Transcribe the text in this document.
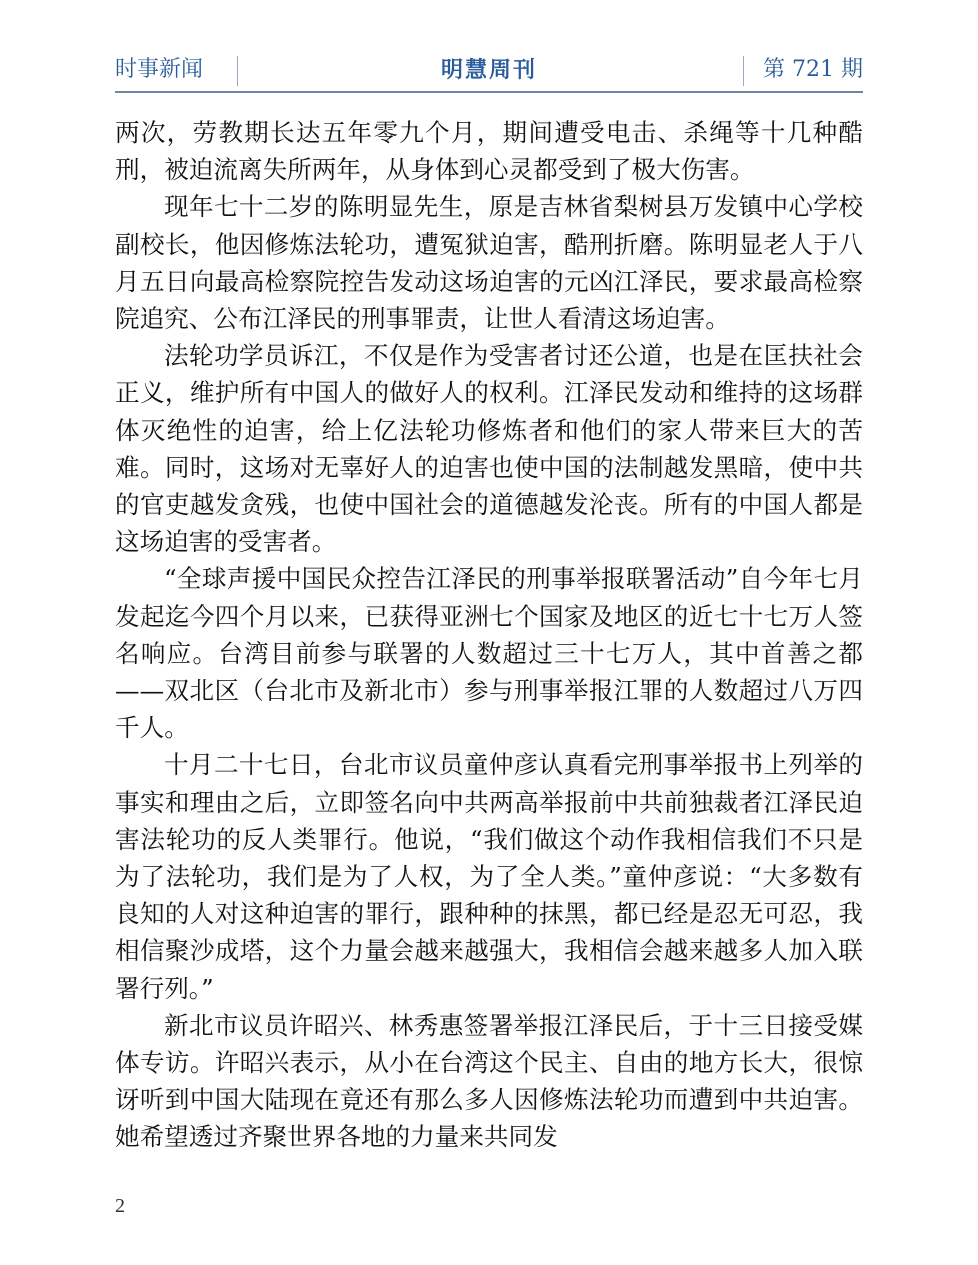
时事新闻	明慧周刊	第 721 期

两次，劳教期长达五年零九个月，期间遭受电击、杀绳等十几种酷刑，被迫流离失所两年，从身体到心灵都受到了极大伤害。

现年七十二岁的陈明显先生，原是吉林省梨树县万发镇中心学校副校长，他因修炼法轮功，遭冤狱迫害，酷刑折磨。陈明显老人于八月五日向最高检察院控告发动这场迫害的元凶江泽民，要求最高检察院追究、公布江泽民的刑事罪责，让世人看清这场迫害。

法轮功学员诉江，不仅是作为受害者讨还公道，也是在匡扶社会正义，维护所有中国人的做好人的权利。江泽民发动和维持的这场群体灭绝性的迫害，给上亿法轮功修炼者和他们的家人带来巨大的苦难。同时，这场对无辜好人的迫害也使中国的法制越发黑暗，使中共的官吏越发贪残，也使中国社会的道德越发沦丧。所有的中国人都是这场迫害的受害者。

“全球声援中国民众控告江泽民的刑事举报联署活动”自今年七月发起迄今四个月以来，已获得亚洲七个国家及地区的近七十七万人签名响应。台湾目前参与联署的人数超过三十七万人，其中首善之都——双北区（台北市及新北市）参与刑事举报江罪的人数超过八万四千人。

十月二十七日，台北市议员童仲彦认真看完刑事举报书上列举的事实和理由之后，立即签名向中共两高举报前中共前独裁者江泽民迫害法轮功的反人类罪行。他说，“我们做这个动作我相信我们不只是为了法轮功，我们是为了人权，为了全人类。”童仲彦说：“大多数有良知的人对这种迫害的罪行，跟种种的抹黑，都已经是忍无可忍，我相信聚沙成塔，这个力量会越来越强大，我相信会越来越多人加入联署行列。”

新北市议员许昭兴、林秀惠签署举报江泽民后，于十三日接受媒体专访。许昭兴表示，从小在台湾这个民主、自由的地方长大，很惊讶听到中国大陆现在竟还有那么多人因修炼法轮功而遭到中共迫害。她希望透过齐聚世界各地的力量来共同发

2
